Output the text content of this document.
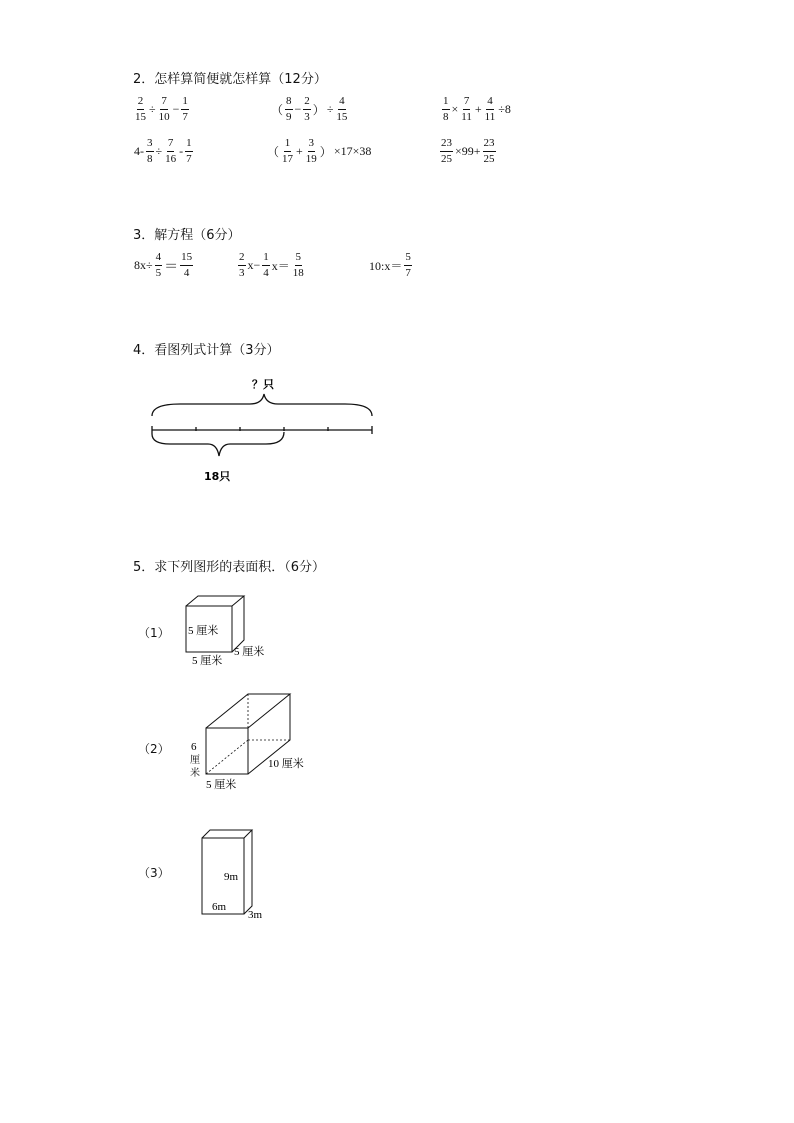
2．怎样算简便就怎样算（12分）
$\frac{2}{15} \div \frac{7}{10} - \frac{1}{7}$	（ $\frac{8}{9} - \frac{2}{3}$ ） ÷ $\frac{4}{15}$	$\frac{1}{8} \times \frac{7}{11} + \frac{4}{11} \div 8$
$4- \frac{3}{8} \div \frac{7}{16} - \frac{1}{7}$	（ $\frac{1}{17} + \frac{3}{19}$ ） ×17×38	$\frac{23}{25} \times 99+ \frac{23}{25}$
3．解方程（6分）
$8x\div \frac{4}{5} = \frac{15}{4}$	$\frac{2}{3} x- \frac{1}{4} x= \frac{5}{18}$	10:x＝ $\frac{5}{7}$
4．看图列式计算（3分）
？只
18只
5．求下列图形的表面积．（6分）
（1） 5 厘米
5 厘米
5 厘米
（2） 6
厘
米
10 厘米
5 厘米
（3）	9m
6m
3m
